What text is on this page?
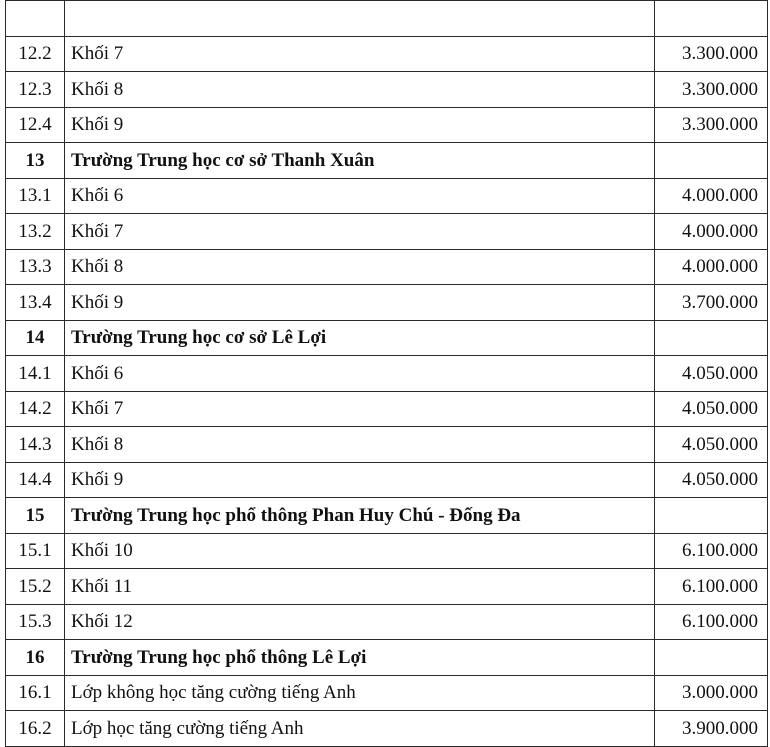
12.2	Khối 7	3.300.000
12.3	Khối 8	3.300.000
12.4	Khối 9	3.300.000
13	Trường Trung học cơ sở Thanh Xuân	
13.1	Khối 6	4.000.000
13.2	Khối 7	4.000.000
13.3	Khối 8	4.000.000
13.4	Khối 9	3.700.000
14	Trường Trung học cơ sở Lê Lợi	
14.1	Khối 6	4.050.000
14.2	Khối 7	4.050.000
14.3	Khối 8	4.050.000
14.4	Khối 9	4.050.000
15	Trường Trung học phổ thông Phan Huy Chú - Đống Đa	
15.1	Khối 10	6.100.000
15.2	Khối 11	6.100.000
15.3	Khối 12	6.100.000
16	Trường Trung học phổ thông Lê Lợi	
16.1	Lớp không học tăng cường tiếng Anh	3.000.000
16.2	Lớp học tăng cường tiếng Anh	3.900.000
